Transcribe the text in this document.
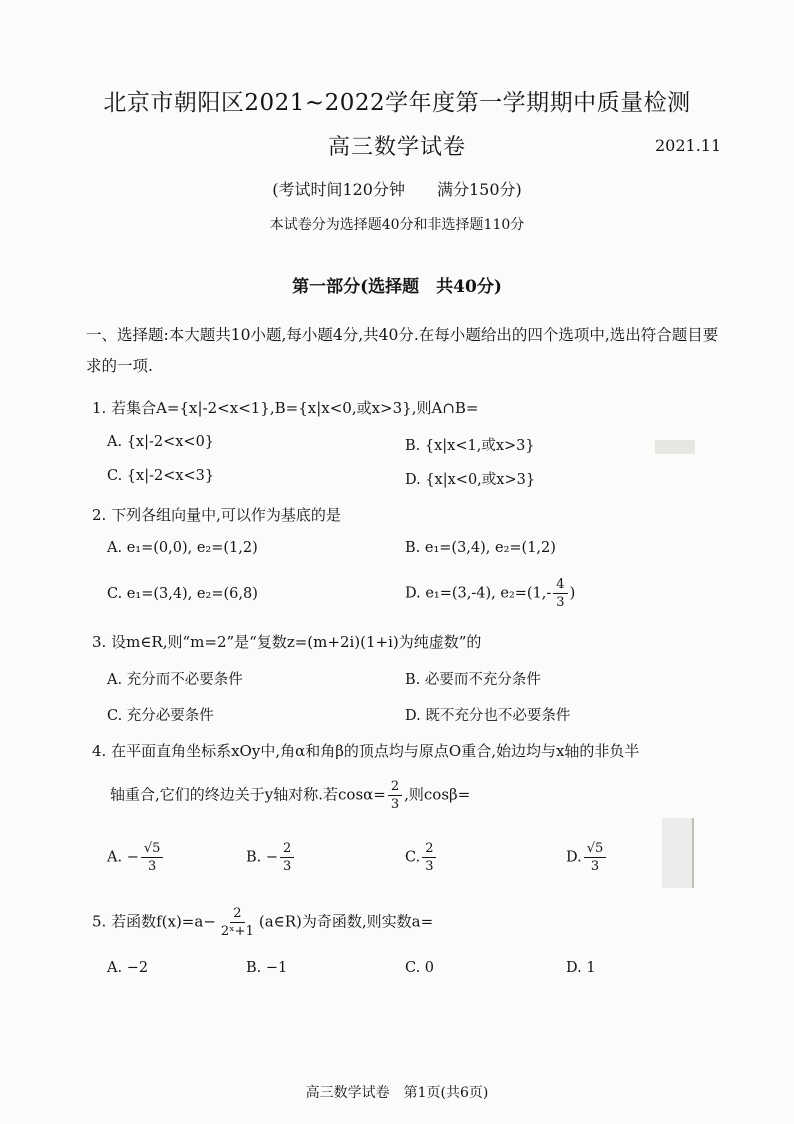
北京市朝阳区2021~2022学年度第一学期期中质量检测
高三数学试卷	2021.11
(考试时间120分钟　　满分150分)
本试卷分为选择题40分和非选择题110分
第一部分(选择题　共40分)
一、选择题:本大题共10小题,每小题4分,共40分.在每小题给出的四个选项中,选出符合题目要求的一项.
1. 若集合A={x|-2<x<1},B={x|x<0,或x>3},则A∩B=
A. {x|-2<x<0}	B. {x|x<1,或x>3}
C. {x|-2<x<3}	D. {x|x<0,或x>3}
2. 下列各组向量中,可以作为基底的是
A. e₁=(0,0), e₂=(1,2)	B. e₁=(3,4), e₂=(1,2)
C. e₁=(3,4), e₂=(6,8)	D. e₁=(3,-4), $e_2=(1,- \frac{4}{3}$ )
3. 设m∈R,则“m=2”是“复数z=(m+2i)(1+i)为纯虚数”的
A. 充分而不必要条件	B. 必要而不充分条件
C. 充分必要条件	D. 既不充分也不必要条件
4. 在平面直角坐标系xOy中,角α和角β的顶点均与原点O重合,始边均与x轴的非负半
轴重合,它们的终边关于y轴对称.若$\cos\alpha= \frac{2}{3}$ ,则cosβ=
A. − $\frac{√5}{3}$	B. − $\frac{2}{3}$	C. $\frac{2}{3}$	D. $\frac{√5}{3}$
5. 若函数$f(x)=a- \frac{2}{\text{2ˣ+1}}$ (a∈R)为奇函数,则实数a=
A. −2	B. −1	C. 0	D. 1
高三数学试卷　第1页(共6页)
